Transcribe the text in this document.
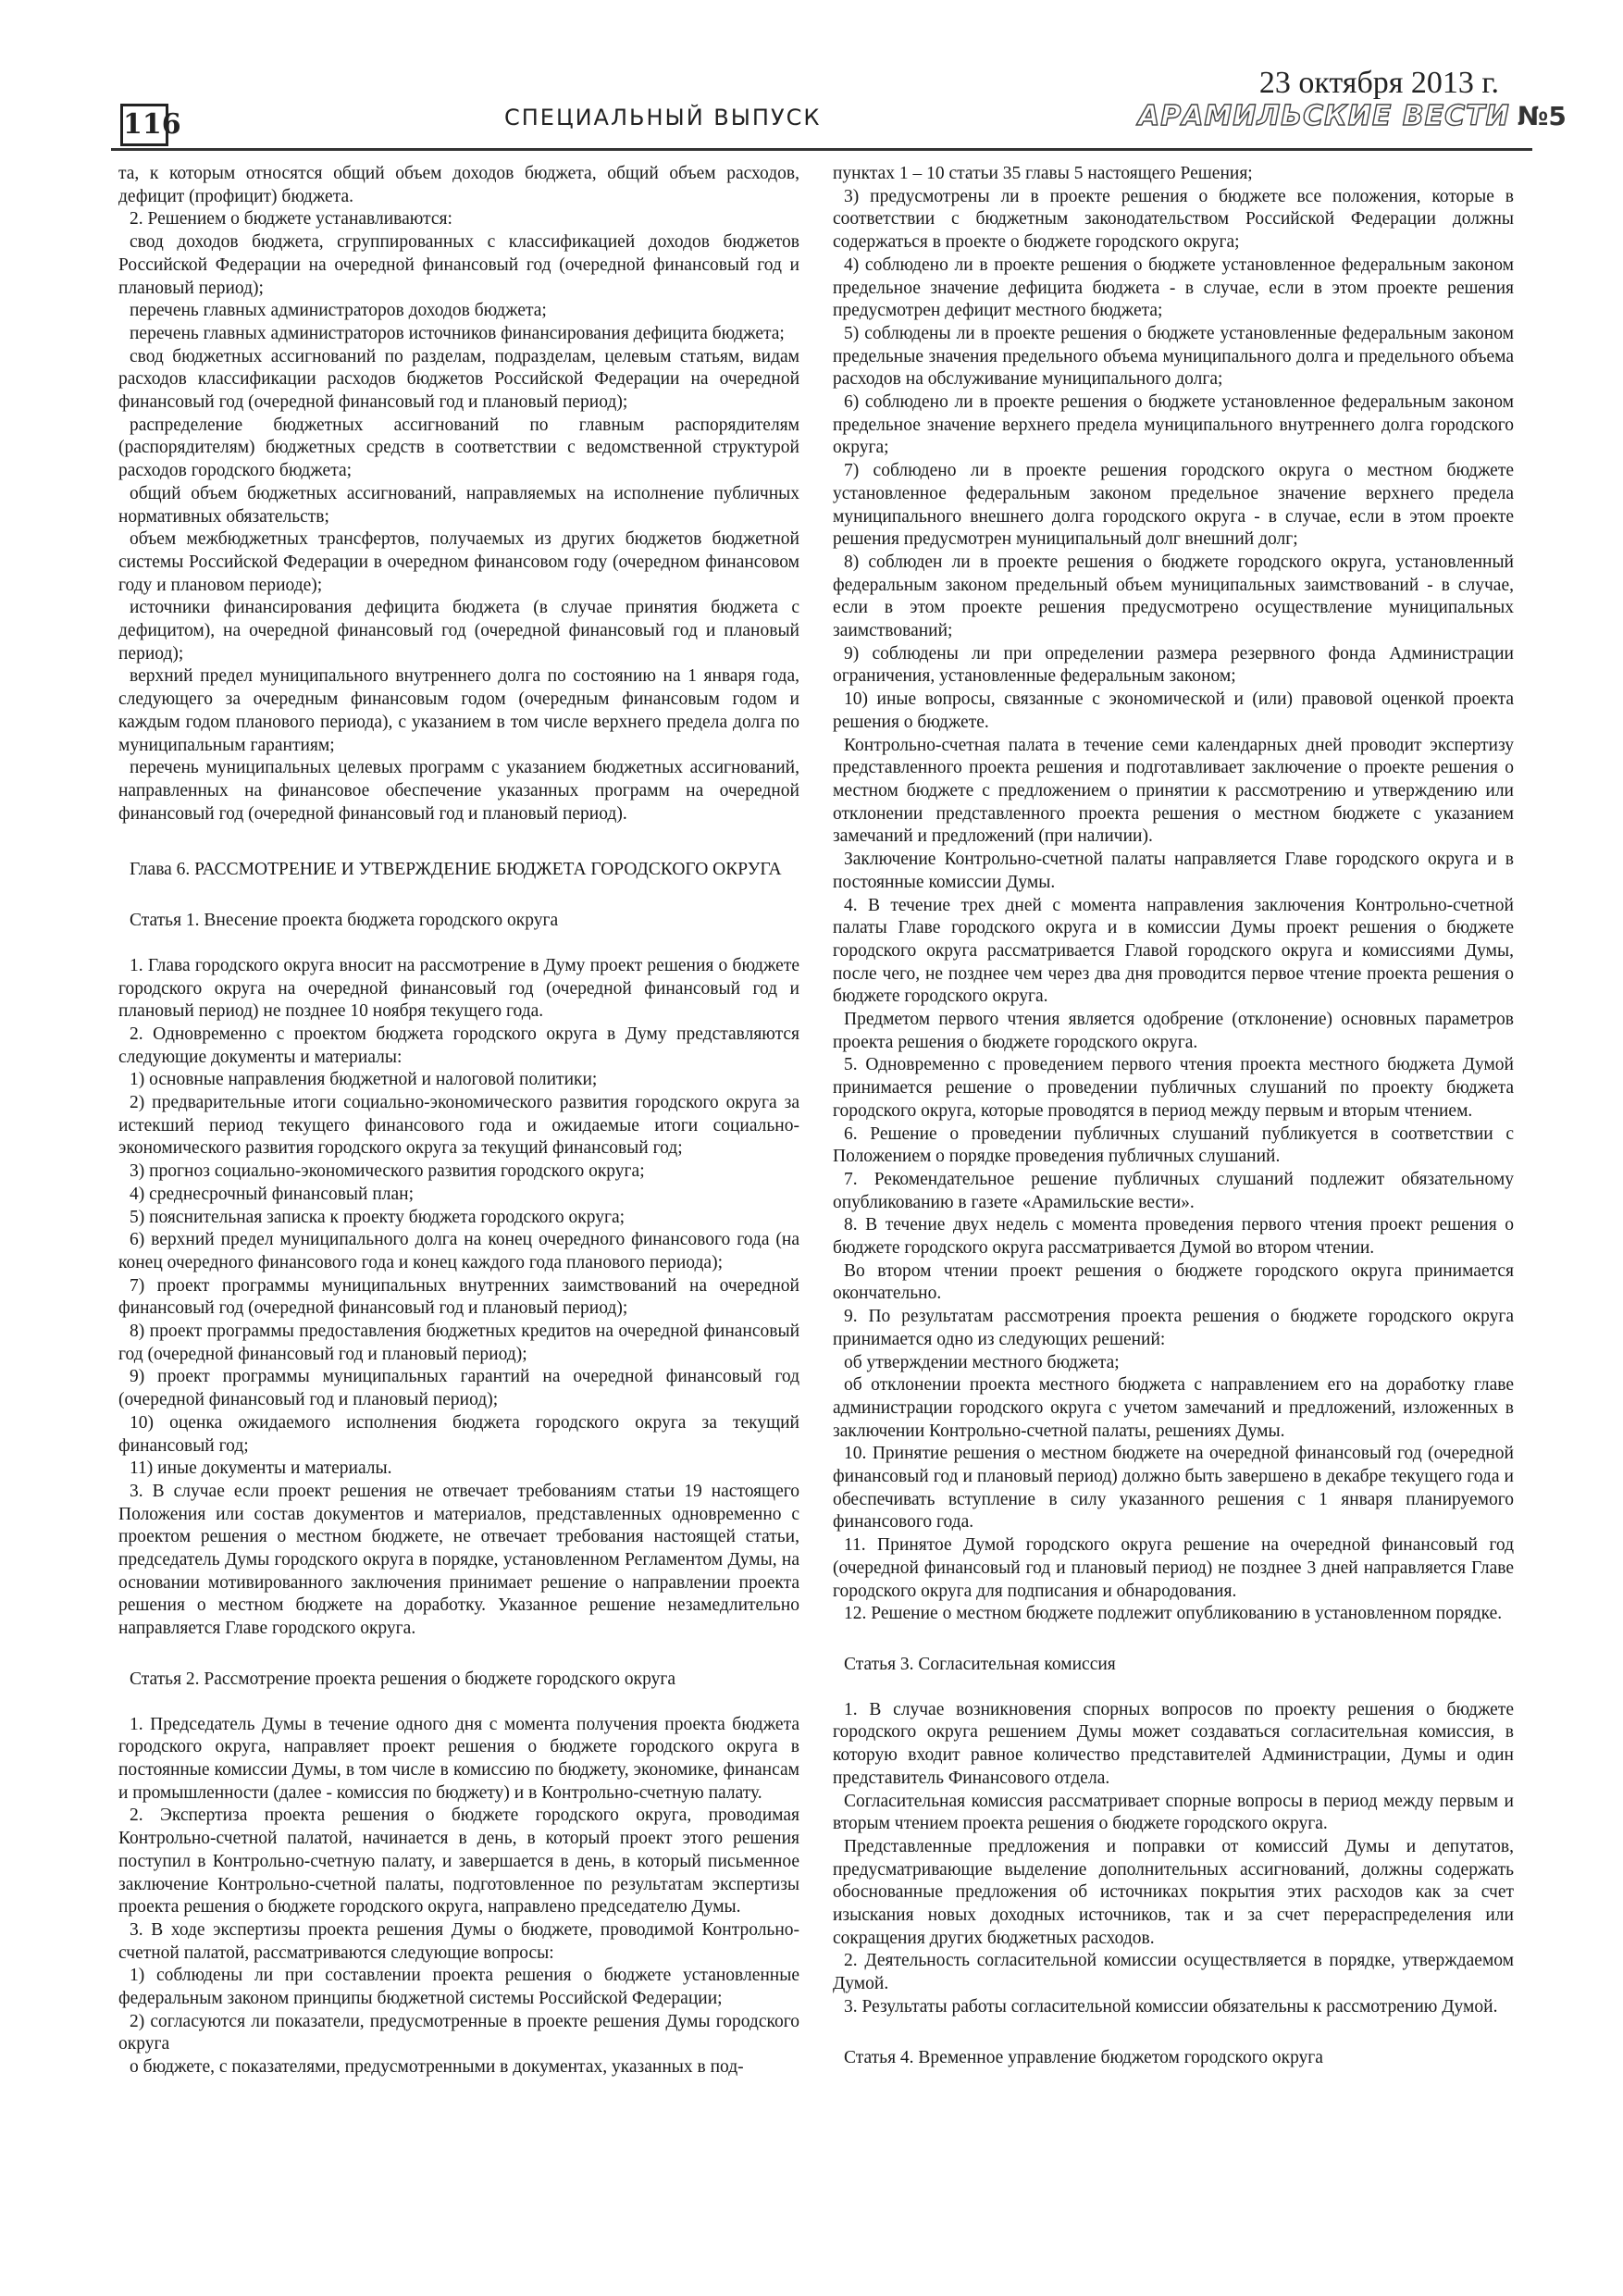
116	СПЕЦИАЛЬНЫЙ ВЫПУСК
23 октября 2013 г.
АРАМИЛЬСКИЕ ВЕСТИ №5

та, к которым относятся общий объем доходов бюджета, общий объем расходов, дефицит (профицит) бюджета.

2. Решением о бюджете устанавливаются:

свод доходов бюджета, сгруппированных с классификацией доходов бюджетов Российской Федерации на очередной финансовый год (очередной финансовый год и плановый период);

перечень главных администраторов доходов бюджета;

перечень главных администраторов источников финансирования дефицита бюджета;

свод бюджетных ассигнований по разделам, подразделам, целевым статьям, видам расходов классификации расходов бюджетов Российской Федерации на очередной финансовый год (очередной финансовый год и плановый период);

распределение бюджетных ассигнований по главным распорядителям (распорядителям) бюджетных средств в соответствии с ведомственной структурой расходов городского бюджета;

общий объем бюджетных ассигнований, направляемых на исполнение публичных нормативных обязательств;

объем межбюджетных трансфертов, получаемых из других бюджетов бюджетной системы Российской Федерации в очередном финансовом году (очередном финансовом году и плановом периоде);

источники финансирования дефицита бюджета (в случае принятия бюджета с дефицитом), на очередной финансовый год (очередной финансовый год и плановый период);

верхний предел муниципального внутреннего долга по состоянию на 1 января года, следующего за очередным финансовым годом (очередным финансовым годом и каждым годом планового периода), с указанием в том числе верхнего предела долга по муниципальным гарантиям;

перечень муниципальных целевых программ с указанием бюджетных ассигнований, направленных на финансовое обеспечение указанных программ на очередной финансовый год (очередной финансовый год и плановый период).

Глава 6. РАССМОТРЕНИЕ И УТВЕРЖДЕНИЕ БЮДЖЕТА ГОРОДСКОГО ОКРУГА

Статья 1. Внесение проекта бюджета городского округа

1. Глава городского округа вносит на рассмотрение в Думу проект решения о бюджете городского округа на очередной финансовый год (очередной финансовый год и плановый период) не позднее 10 ноября текущего года.

2. Одновременно с проектом бюджета городского округа в Думу представляются следующие документы и материалы:

1) основные направления бюджетной и налоговой политики;

2) предварительные итоги социально-экономического развития городского округа за истекший период текущего финансового года и ожидаемые итоги социально-экономического развития городского округа за текущий финансовый год;

3) прогноз социально-экономического развития городского округа;

4) среднесрочный финансовый план;

5) пояснительная записка к проекту бюджета городского округа;

6) верхний предел муниципального долга на конец очередного финансового года (на конец очередного финансового года и конец каждого года планового периода);

7) проект программы муниципальных внутренних заимствований на очередной финансовый год (очередной финансовый год и плановый период);

8) проект программы предоставления бюджетных кредитов на очередной финансовый год (очередной финансовый год и плановый период);

9) проект программы муниципальных гарантий на очередной финансовый год (очередной финансовый год и плановый период);

10) оценка ожидаемого исполнения бюджета городского округа за текущий финансовый год;

11) иные документы и материалы.

3. В случае если проект решения не отвечает требованиям статьи 19 настоящего Положения или состав документов и материалов, представленных одновременно с проектом решения о местном бюджете, не отвечает требования настоящей статьи, председатель Думы городского округа в порядке, установленном Регламентом Думы, на основании мотивированного заключения принимает решение о направлении проекта решения о местном бюджете на доработку. Указанное решение незамедлительно направляется Главе городского округа.

Статья 2. Рассмотрение проекта решения о бюджете городского округа

1. Председатель Думы в течение одного дня с момента получения проекта бюджета городского округа, направляет проект решения о бюджете городского округа в постоянные комиссии Думы, в том числе в комиссию по бюджету, экономике, финансам и промышленности (далее - комиссия по бюджету) и в Контрольно-счетную палату.

2. Экспертиза проекта решения о бюджете городского округа, проводимая Контрольно-счетной палатой, начинается в день, в который проект этого решения поступил в Контрольно-счетную палату, и завершается в день, в который письменное заключение Контрольно-счетной палаты, подготовленное по результатам экспертизы проекта решения о бюджете городского округа, направлено председателю Думы.

3. В ходе экспертизы проекта решения Думы о бюджете, проводимой Контрольно-счетной палатой, рассматриваются следующие вопросы:

1) соблюдены ли при составлении проекта решения о бюджете установленные федеральным законом принципы бюджетной системы Российской Федерации;

2) согласуются ли показатели, предусмотренные в проекте решения Думы городского округа

о бюджете, с показателями, предусмотренными в документах, указанных в под-

пунктах 1 – 10 статьи 35 главы 5 настоящего Решения;

3) предусмотрены ли в проекте решения о бюджете все положения, которые в соответствии с бюджетным законодательством Российской Федерации должны содержаться в проекте о бюджете городского округа;

4) соблюдено ли в проекте решения о бюджете установленное федеральным законом предельное значение дефицита бюджета - в случае, если в этом проекте решения предусмотрен дефицит местного бюджета;

5) соблюдены ли в проекте решения о бюджете установленные федеральным законом предельные значения предельного объема муниципального долга и предельного объема расходов на обслуживание муниципального долга;

6) соблюдено ли в проекте решения о бюджете установленное федеральным законом предельное значение верхнего предела муниципального внутреннего долга городского округа;

7) соблюдено ли в проекте решения городского округа о местном бюджете установленное федеральным законом предельное значение верхнего предела муниципального внешнего долга городского округа - в случае, если в этом проекте решения предусмотрен муниципальный долг внешний долг;

8) соблюден ли в проекте решения о бюджете городского округа, установленный федеральным законом предельный объем муниципальных заимствований - в случае, если в этом проекте решения предусмотрено осуществление муниципальных заимствований;

9) соблюдены ли при определении размера резервного фонда Администрации ограничения, установленные федеральным законом;

10) иные вопросы, связанные с экономической и (или) правовой оценкой проекта решения о бюджете.

Контрольно-счетная палата в течение семи календарных дней проводит экспертизу представленного проекта решения и подготавливает заключение о проекте решения о местном бюджете с предложением о принятии к рассмотрению и утверждению или отклонении представленного проекта решения о местном бюджете с указанием замечаний и предложений (при наличии).

Заключение Контрольно-счетной палаты направляется Главе городского округа и в постоянные комиссии Думы.

4. В течение трех дней с момента направления заключения Контрольно-счетной палаты Главе городского округа и в комиссии Думы проект решения о бюджете городского округа рассматривается Главой городского округа и комиссиями Думы, после чего, не позднее чем через два дня проводится первое чтение проекта решения о бюджете городского округа.

Предметом первого чтения является одобрение (отклонение) основных параметров проекта решения о бюджете городского округа.

5. Одновременно с проведением первого чтения проекта местного бюджета Думой принимается решение о проведении публичных слушаний по проекту бюджета городского округа, которые проводятся в период между первым и вторым чтением.

6. Решение о проведении публичных слушаний публикуется в соответствии с Положением о порядке проведения публичных слушаний.

7. Рекомендательное решение публичных слушаний подлежит обязательному опубликованию в газете «Арамильские вести».

8. В течение двух недель с момента проведения первого чтения проект решения о бюджете городского округа рассматривается Думой во втором чтении.

Во втором чтении проект решения о бюджете городского округа принимается окончательно.

9. По результатам рассмотрения проекта решения о бюджете городского округа принимается одно из следующих решений:

об утверждении местного бюджета;

об отклонении проекта местного бюджета с направлением его на доработку главе администрации городского округа с учетом замечаний и предложений, изложенных в заключении Контрольно-счетной палаты, решениях Думы.

10. Принятие решения о местном бюджете на очередной финансовый год (очередной финансовый год и плановый период) должно быть завершено в декабре текущего года и обеспечивать вступление в силу указанного решения с 1 января планируемого финансового года.

11. Принятое Думой городского округа решение на очередной финансовый год (очередной финансовый год и плановый период) не позднее 3 дней направляется Главе городского округа для подписания и обнародования.

12. Решение о местном бюджете подлежит опубликованию в установленном порядке.

Статья 3. Согласительная комиссия

1. В случае возникновения спорных вопросов по проекту решения о бюджете городского округа решением Думы может создаваться согласительная комиссия, в которую входит равное количество представителей Администрации, Думы и один представитель Финансового отдела.

Согласительная комиссия рассматривает спорные вопросы в период между первым и вторым чтением проекта решения о бюджете городского округа.

Представленные предложения и поправки от комиссий Думы и депутатов, предусматривающие выделение дополнительных ассигнований, должны содержать обоснованные предложения об источниках покрытия этих расходов как за счет изыскания новых доходных источников, так и за счет перераспределения или сокращения других бюджетных расходов.

2. Деятельность согласительной комиссии осуществляется в порядке, утверждаемом Думой.

3. Результаты работы согласительной комиссии обязательны к рассмотрению Думой.

Статья 4. Временное управление бюджетом городского округа
